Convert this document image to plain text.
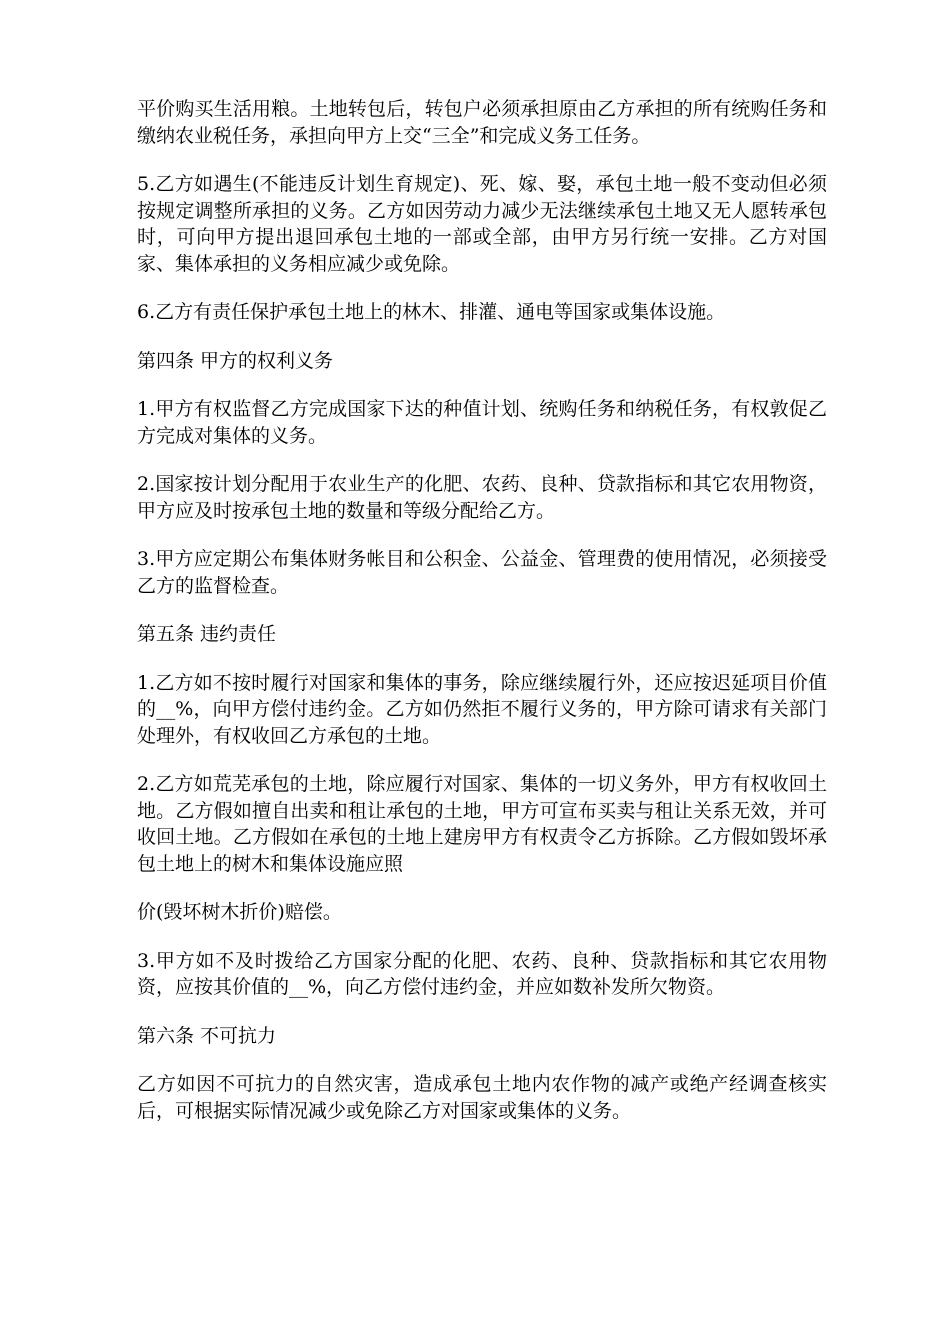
平价购买生活用粮。土地转包后，转包户必须承担原由乙方承担的所有统购任务和缴纳农业税任务，承担向甲方上交“三全”和完成义务工任务。

5.乙方如遇生(不能违反计划生育规定)、死、嫁、娶，承包土地一般不变动但必须按规定调整所承担的义务。乙方如因劳动力减少无法继续承包土地又无人愿转承包时，可向甲方提出退回承包土地的一部或全部，由甲方另行统一安排。乙方对国家、集体承担的义务相应减少或免除。

6.乙方有责任保护承包土地上的林木、排灌、通电等国家或集体设施。

第四条 甲方的权利义务

1.甲方有权监督乙方完成国家下达的种值计划、统购任务和纳税任务，有权敦促乙方完成对集体的义务。

2.国家按计划分配用于农业生产的化肥、农药、良种、贷款指标和其它农用物资，甲方应及时按承包土地的数量和等级分配给乙方。

3.甲方应定期公布集体财务帐目和公积金、公益金、管理费的使用情况，必须接受乙方的监督检查。

第五条 违约责任

1.乙方如不按时履行对国家和集体的事务，除应继续履行外，还应按迟延项目价值的__%，向甲方偿付违约金。乙方如仍然拒不履行义务的，甲方除可请求有关部门处理外，有权收回乙方承包的土地。

2.乙方如荒芜承包的土地，除应履行对国家、集体的一切义务外，甲方有权收回土地。乙方假如擅自出卖和租让承包的土地，甲方可宣布买卖与租让关系无效，并可收回土地。乙方假如在承包的土地上建房甲方有权责令乙方拆除。乙方假如毁坏承包土地上的树木和集体设施应照

价(毁坏树木折价)赔偿。

3.甲方如不及时拨给乙方国家分配的化肥、农药、良种、贷款指标和其它农用物资，应按其价值的__%，向乙方偿付违约金，并应如数补发所欠物资。

第六条 不可抗力

乙方如因不可抗力的自然灾害，造成承包土地内农作物的减产或绝产经调查核实后，可根据实际情况减少或免除乙方对国家或集体的义务。
